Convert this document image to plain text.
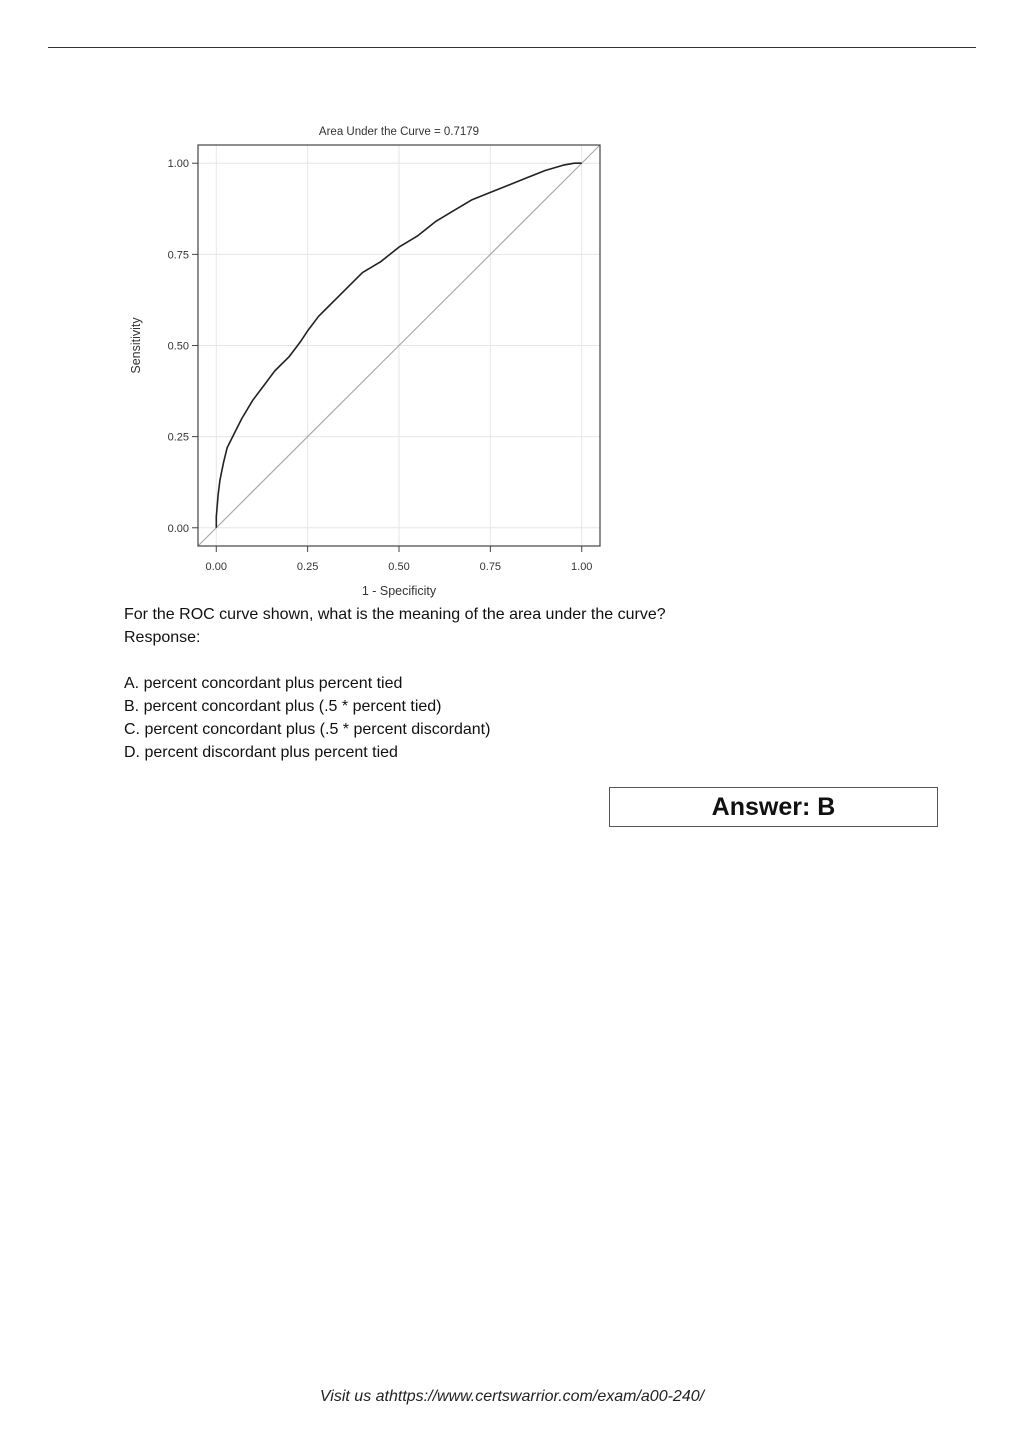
0.00	0.25	0.50	0.75	1.00
0.00
0.25
0.50
0.75
1.00
Area Under the Curve = 0.7179
1 - Specificity
Sensitivity

For the ROC curve shown, what is the meaning of the area under the curve?

Response:

A. percent concordant plus percent tied

B. percent concordant plus (.5 * percent tied)

C. percent concordant plus (.5 * percent discordant)

D. percent discordant plus percent tied

Answer: B
Visit us athttps://www.certswarrior.com/exam/a00-240/
